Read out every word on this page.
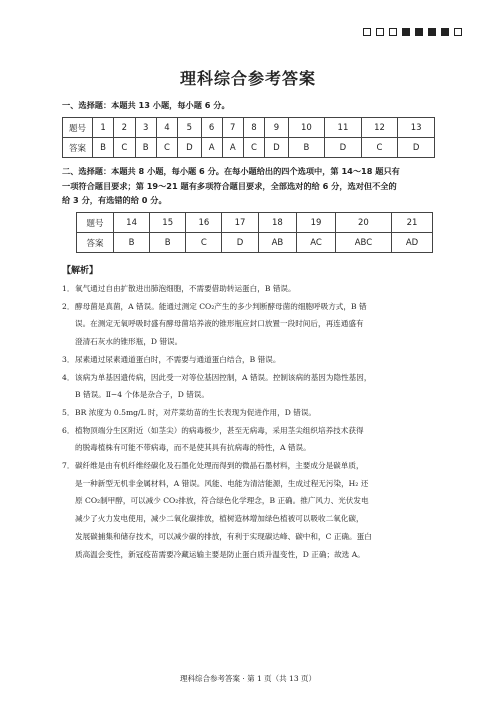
理科综合参考答案
一、选择题：本题共 13 小题，每小题 6 分。
题号	1	2	3	4	5	6	7	8	9	10	11	12	13
答案	B	C	B	C	D	A	A	C	D	B	D	C	D
二、选择题：本题共 8 小题，每小题 6 分。在每小题给出的四个选项中，第 14～18 题只有
一项符合题目要求；第 19～21 题有多项符合题目要求，全部选对的给 6 分，选对但不全的
给 3 分，有选错的给 0 分。
题号	14	15	16	17	18	19	20	21
答案	B	B	C	D	AB	AC	ABC	AD
【解析】
1． 氧气通过自由扩散进出肺泡细胞，不需要借助转运蛋白，B 错误。
2． 酵母菌是真菌，A 错误。能通过测定 CO₂产生的多少判断酵母菌的细胞呼吸方式，B 错
误。在测定无氧呼吸时盛有酵母菌培养液的锥形瓶应封口放置一段时间后，再连通盛有
澄清石灰水的锥形瓶，D 错误。
3． 尿素通过尿素通道蛋白时，不需要与通道蛋白结合，B 错误。
4． 该病为单基因遗传病，因此受一对等位基因控制，A 错误。控制该病的基因为隐性基因，
B 错误。Ⅱ−4 个体是杂合子，D 错误。
5． BR 浓度为 0.5mg/L 时，对芹菜幼苗的生长表现为促进作用，D 错误。
6． 植物顶端分生区附近（如茎尖）的病毒极少，甚至无病毒，采用茎尖组织培养技术获得
的脱毒植株有可能不带病毒，而不是使其具有抗病毒的特性，A 错误。
7． 碳纤维是由有机纤维经碳化及石墨化处理而得到的微晶石墨材料，主要成分是碳单质，
是一种新型无机非金属材料，A 错误。风能、电能为清洁能源，生成过程无污染，H₂ 还
原 CO₂制甲醇，可以减少 CO₂排放，符合绿色化学理念，B 正确。推广风力、光伏发电
减少了火力发电使用，减少二氧化碳排放，植树造林增加绿色植被可以吸收二氧化碳，
发展碳捕集和储存技术，可以减少碳的排放，有利于实现碳达峰、碳中和，C 正确。蛋白
质高温会变性，新冠疫苗需要冷藏运输主要是防止蛋白质升温变性，D 正确；故选 A。
理科综合参考答案 · 第 1 页（共 13 页）
